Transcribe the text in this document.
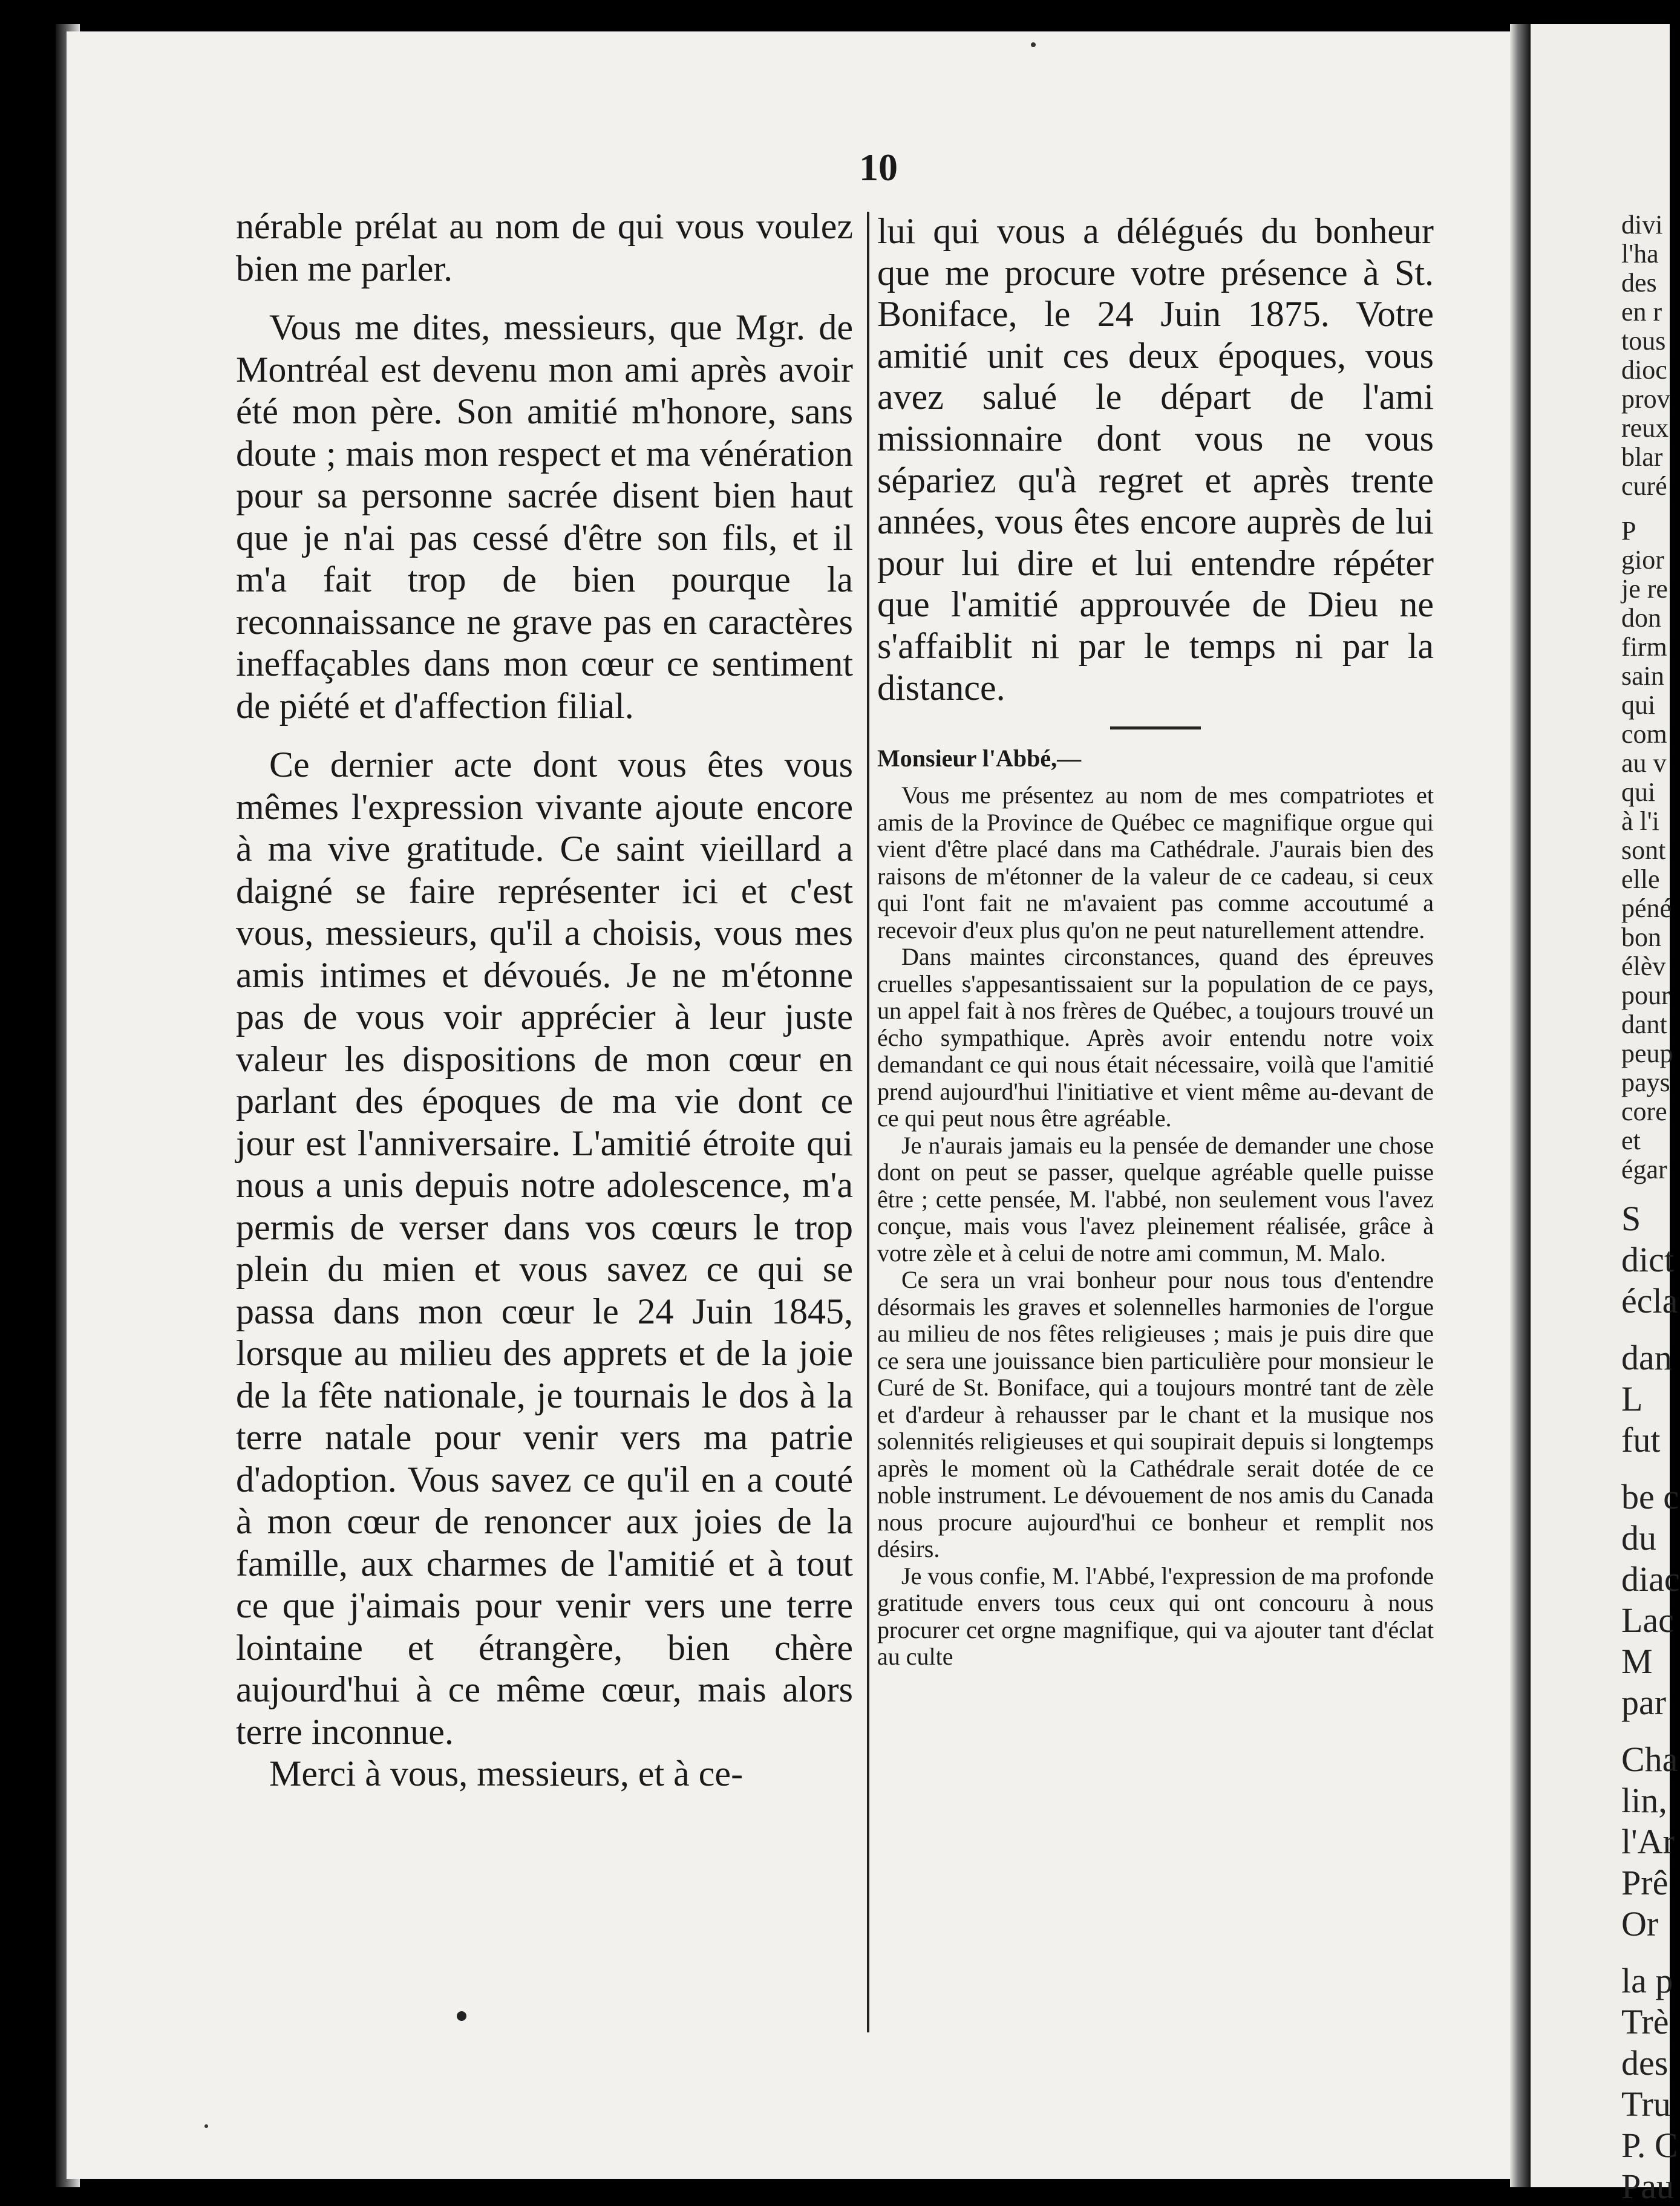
10

nérable prélat au nom de qui vous voulez bien me parler.

Vous me dites, messieurs, que Mgr. de Montréal est devenu mon ami après avoir été mon père. Son amitié m'honore, sans doute ; mais mon respect et ma vénération pour sa personne sacrée disent bien haut que je n'ai pas cessé d'être son fils, et il m'a fait trop de bien pourque la reconnaissance ne grave pas en caractères ineffaçables dans mon cœur ce sentiment de piété et d'affection filial.

Ce dernier acte dont vous êtes vous mêmes l'expression vivante ajoute encore à ma vive gratitude. Ce saint vieillard a daigné se faire représenter ici et c'est vous, messieurs, qu'il a choisis, vous mes amis intimes et dévoués. Je ne m'étonne pas de vous voir apprécier à leur juste valeur les dispositions de mon cœur en parlant des époques de ma vie dont ce jour est l'anniversaire. L'amitié étroite qui nous a unis depuis notre adolescence, m'a permis de verser dans vos cœurs le trop plein du mien et vous savez ce qui se passa dans mon cœur le 24 Juin 1845, lorsque au milieu des apprets et de la joie de la fête nationale, je tournais le dos à la terre natale pour venir vers ma patrie d'adoption. Vous savez ce qu'il en a couté à mon cœur de renoncer aux joies de la famille, aux charmes de l'amitié et à tout ce que j'aimais pour venir vers une terre lointaine et étrangère, bien chère aujourd'hui à ce même cœur, mais alors terre inconnue.

Merci à vous, messieurs, et à ce-

lui qui vous a délégués du bonheur que me procure votre présence à St. Boniface, le 24 Juin 1875. Votre amitié unit ces deux époques, vous avez salué le départ de l'ami missionnaire dont vous ne vous sépariez qu'à regret et après trente années, vous êtes encore auprès de lui pour lui dire et lui entendre répéter que l'amitié approuvée de Dieu ne s'affaiblit ni par le temps ni par la distance.

Monsieur l'Abbé,—

Vous me présentez au nom de mes compatriotes et amis de la Province de Québec ce magnifique orgue qui vient d'être placé dans ma Cathédrale. J'aurais bien des raisons de m'étonner de la valeur de ce cadeau, si ceux qui l'ont fait ne m'avaient pas comme accoutumé a recevoir d'eux plus qu'on ne peut naturellement attendre.

Dans maintes circonstances, quand des épreuves cruelles s'appesantissaient sur la population de ce pays, un appel fait à nos frères de Québec, a toujours trouvé un écho sympathique. Après avoir entendu notre voix demandant ce qui nous était nécessaire, voilà que l'amitié prend aujourd'hui l'initiative et vient même au-devant de ce qui peut nous être agréable.

Je n'aurais jamais eu la pensée de demander une chose dont on peut se passer, quelque agréable quelle puisse être ; cette pensée, M. l'abbé, non seulement vous l'avez conçue, mais vous l'avez pleinement réalisée, grâce à votre zèle et à celui de notre ami commun, M. Malo.

Ce sera un vrai bonheur pour nous tous d'entendre désormais les graves et solennelles harmonies de l'orgue au milieu de nos fêtes religieuses ; mais je puis dire que ce sera une jouissance bien particulière pour monsieur le Curé de St. Boniface, qui a toujours montré tant de zèle et d'ardeur à rehausser par le chant et la musique nos solennités religieuses et qui soupirait depuis si longtemps après le moment où la Cathédrale serait dotée de ce noble instrument. Le dévouement de nos amis du Canada nous procure aujourd'hui ce bonheur et remplit nos désirs.

Je vous confie, M. l'Abbé, l'expression de ma profonde gratitude envers tous ceux qui ont concouru à nous procurer cet orgne magnifique, qui va ajouter tant d'éclat au culte

divi
l'ha
des
en r
tous
dioc
prov
reux
blar
curé
P
gior
je re
don
firm
sain
qui
com
au v
qui
à l'i
sont
elle
péné
bon
élèv
pour
dant
peup
pays
core
et
égar
S
dict
écla
dan
L
fut
be c
du
diac
Lac
M
par
Cha
lin,
l'Ar
Prê
Or
la p
Trè
des
Tru
P. C
Pau
